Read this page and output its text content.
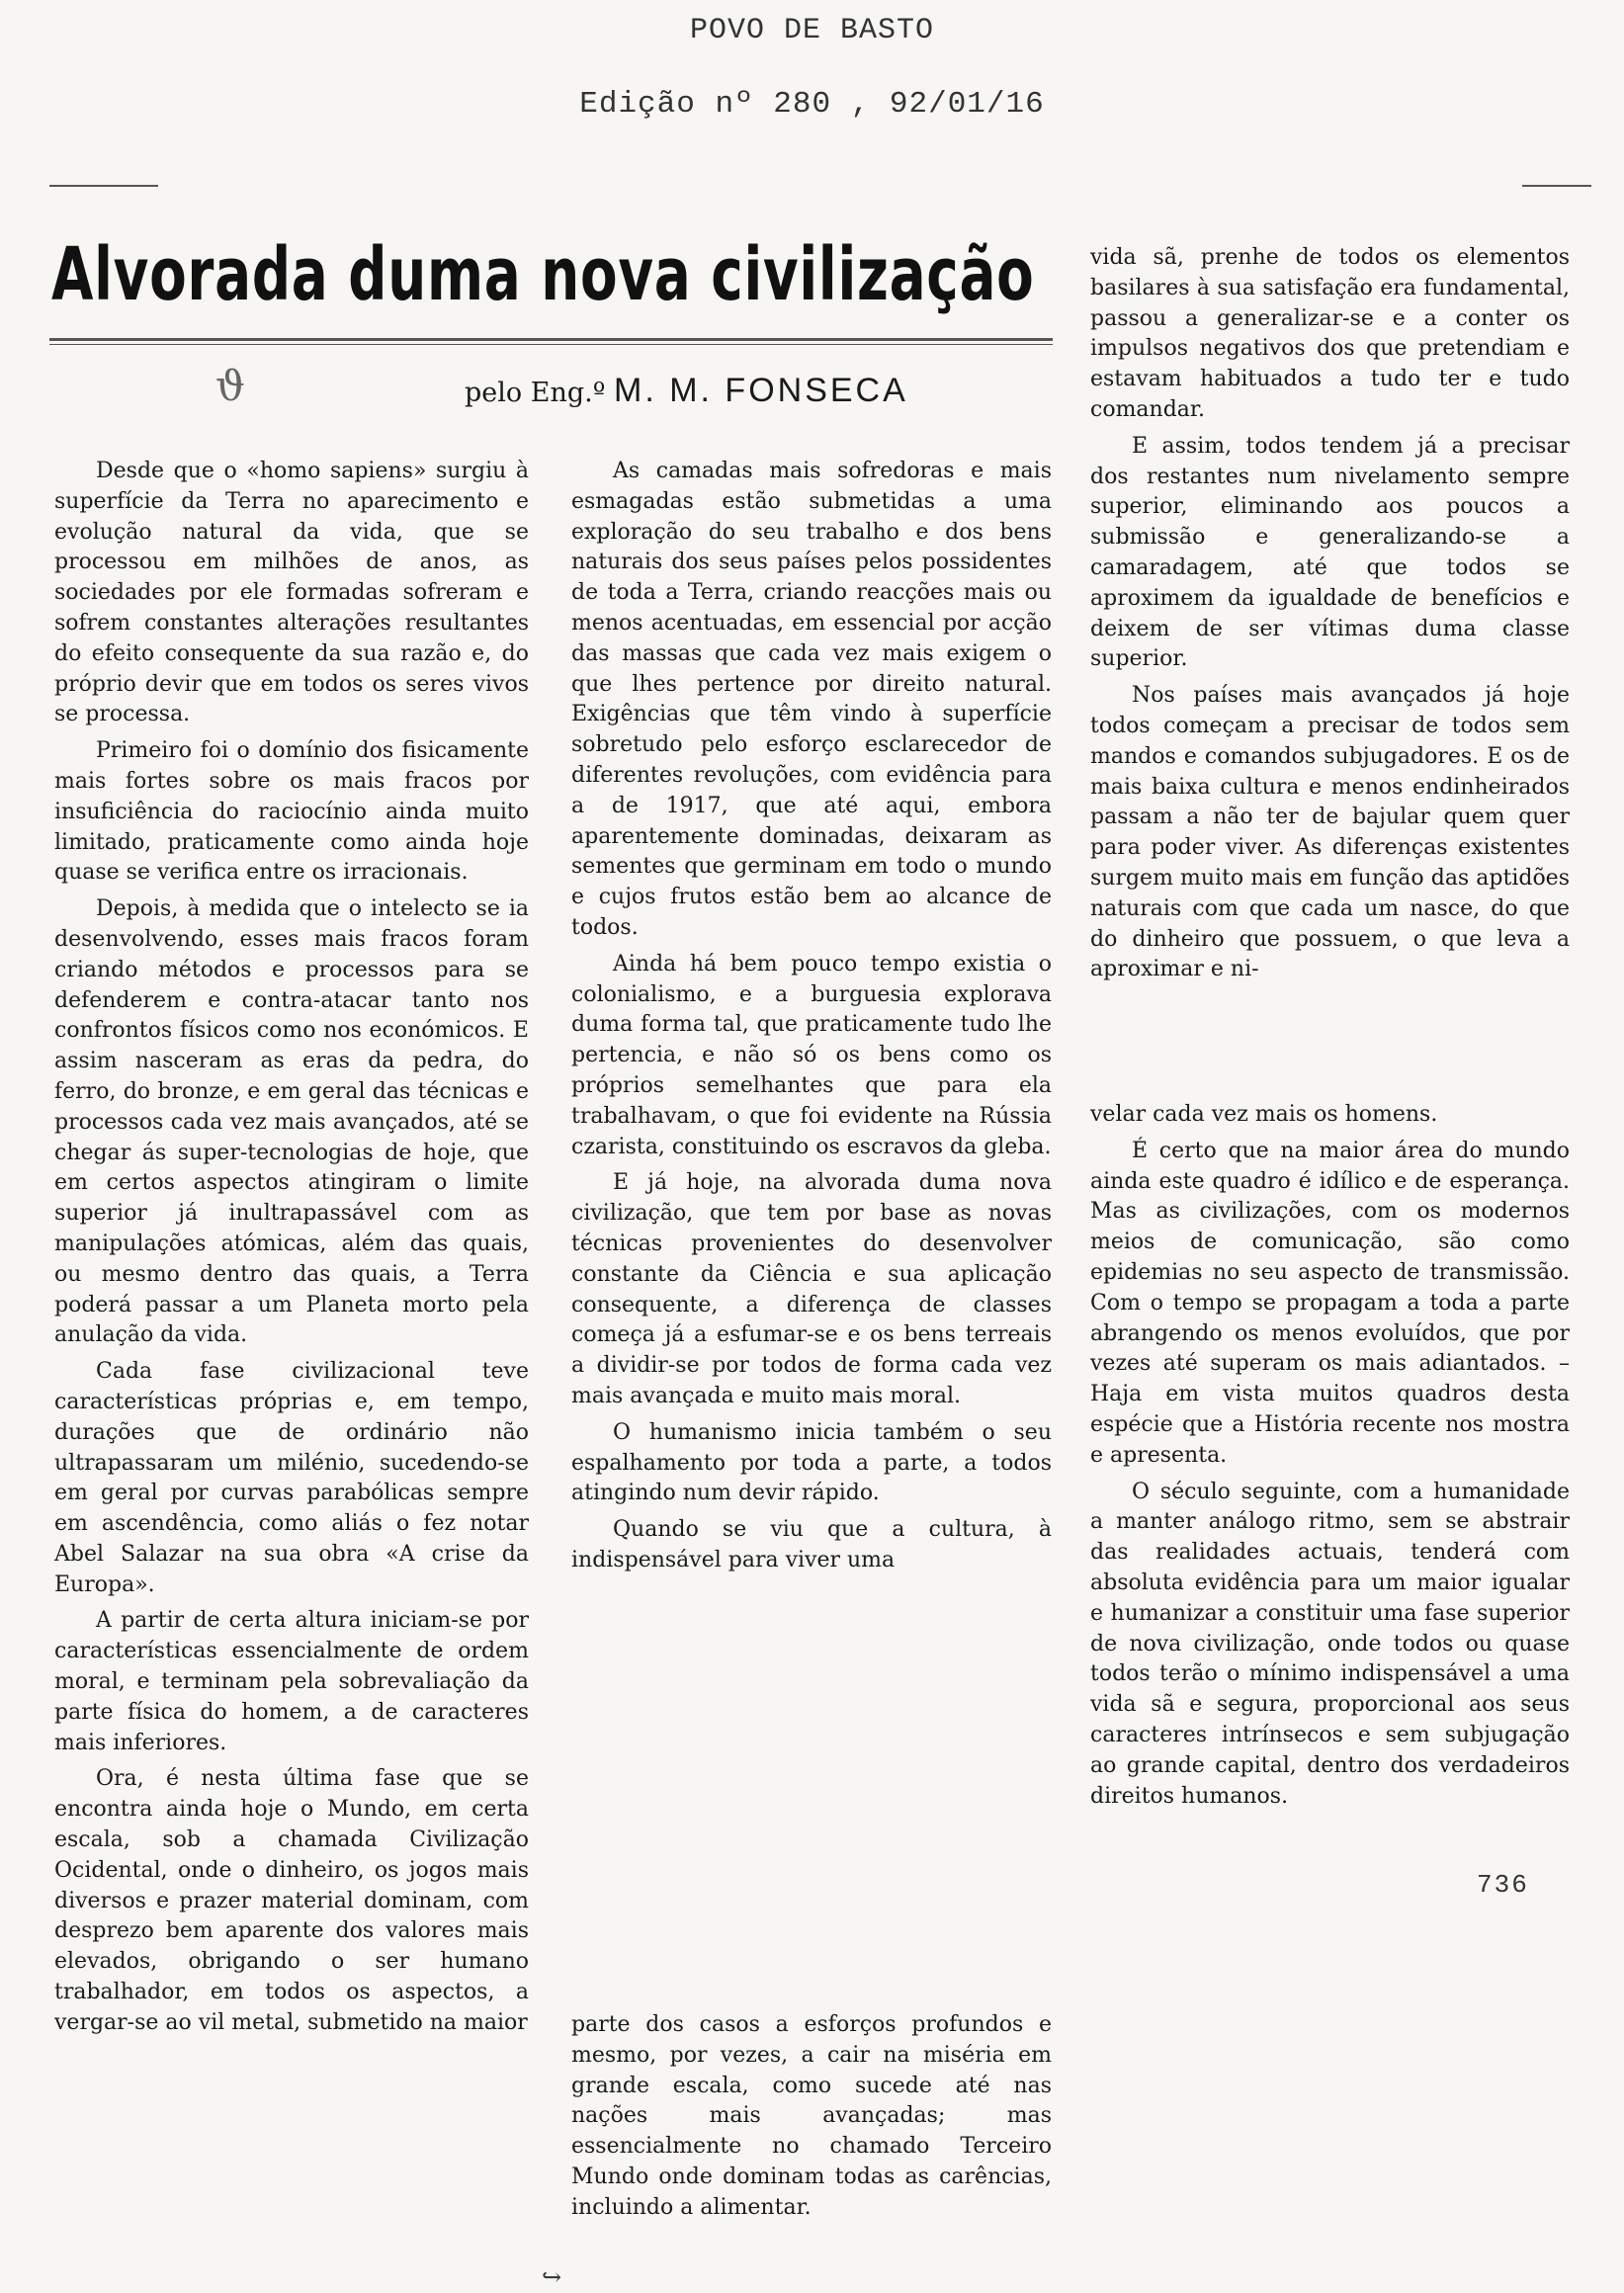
POVO DE BASTO
Edição nº 280 , 92/01/16
Alvorada duma nova civilização
ϑ	pelo Eng.º M. M. FONSECA

Desde que o «homo sapiens» surgiu à superfície da Terra no aparecimento e evolução natural da vida, que se processou em milhões de anos, as sociedades por ele formadas sofreram e sofrem constantes alterações resultantes do efeito consequente da sua razão e, do próprio devir que em todos os seres vivos se processa.

Primeiro foi o domínio dos fisicamente mais fortes sobre os mais fracos por insuficiência do raciocínio ainda muito limitado, praticamente como ainda hoje quase se verifica entre os irracionais.

Depois, à medida que o intelecto se ia desenvolvendo, esses mais fracos foram criando métodos e processos para se defenderem e contra-atacar tanto nos confrontos físicos como nos económicos. E assim nasceram as eras da pedra, do ferro, do bronze, e em geral das técnicas e processos cada vez mais avançados, até se chegar ás super-tecnologias de hoje, que em certos aspectos atingiram o limite superior já inultrapassável com as manipulações atómicas, além das quais, ou mesmo dentro das quais, a Terra poderá passar a um Planeta morto pela anulação da vida.

Cada fase civilizacional teve características próprias e, em tempo, durações que de ordinário não ultrapassaram um milénio, sucedendo-se em geral por curvas parabólicas sempre em ascendência, como aliás o fez notar Abel Salazar na sua obra «A crise da Europa».

A partir de certa altura iniciam-se por características essencialmente de ordem moral, e terminam pela sobrevaliação da parte física do homem, a de caracteres mais inferiores.

Ora, é nesta última fase que se encontra ainda hoje o Mundo, em certa escala, sob a chamada Civilização Ocidental, onde o dinheiro, os jogos mais diversos e prazer material dominam, com desprezo bem aparente dos valores mais elevados, obrigando o ser humano trabalhador, em todos os aspectos, a vergar-se ao vil metal, submetido na maior

As camadas mais sofredoras e mais esmagadas estão submetidas a uma exploração do seu trabalho e dos bens naturais dos seus países pelos possidentes de toda a Terra, criando reacções mais ou menos acentuadas, em essencial por acção das massas que cada vez mais exigem o que lhes pertence por direito natural. Exigências que têm vindo à superfície sobretudo pelo esforço esclarecedor de diferentes revoluções, com evidência para a de 1917, que até aqui, embora aparentemente dominadas, deixaram as sementes que germinam em todo o mundo e cujos frutos estão bem ao alcance de todos.

Ainda há bem pouco tempo existia o colonialismo, e a burguesia explorava duma forma tal, que praticamente tudo lhe pertencia, e não só os bens como os próprios semelhantes que para ela trabalhavam, o que foi evidente na Rússia czarista, constituindo os escravos da gleba.

E já hoje, na alvorada duma nova civilização, que tem por base as novas técnicas provenientes do desenvolver constante da Ciência e sua aplicação consequente, a diferença de classes começa já a esfumar-se e os bens terreais a dividir-se por todos de forma cada vez mais avançada e muito mais moral.

O humanismo inicia também o seu espalhamento por toda a parte, a todos atingindo num devir rápido.

Quando se viu que a cultura, à indispensável para viver uma

parte dos casos a esforços profundos e mesmo, por vezes, a cair na miséria em grande escala, como sucede até nas nações mais avançadas; mas essencialmente no chamado Terceiro Mundo onde dominam todas as carências, incluindo a alimentar.

vida sã, prenhe de todos os elementos basilares à sua satisfação era fundamental, passou a generalizar-se e a conter os impulsos negativos dos que pretendiam e estavam habituados a tudo ter e tudo comandar.

E assim, todos tendem já a precisar dos restantes num nivelamento sempre superior, eliminando aos poucos a submissão e generalizando-se a camaradagem, até que todos se aproximem da igualdade de benefícios e deixem de ser vítimas duma classe superior.

Nos países mais avançados já hoje todos começam a precisar de todos sem mandos e comandos subjugadores. E os de mais baixa cultura e menos endinheirados passam a não ter de bajular quem quer para poder viver. As diferenças existentes surgem muito mais em função das aptidões naturais com que cada um nasce, do que do dinheiro que possuem, o que leva a aproximar e ni-

velar cada vez mais os homens.

É certo que na maior área do mundo ainda este quadro é idílico e de esperança. Mas as civilizações, com os modernos meios de comunicação, são como epidemias no seu aspecto de transmissão. Com o tempo se propagam a toda a parte abrangendo os menos evoluídos, que por vezes até superam os mais adiantados. – Haja em vista muitos quadros desta espécie que a História recente nos mostra e apresenta.

O século seguinte, com a humanidade a manter análogo ritmo, sem se abstrair das realidades actuais, tenderá com absoluta evidência para um maior igualar e humanizar a constituir uma fase superior de nova civilização, onde todos ou quase todos terão o mínimo indispensável a uma vida sã e segura, proporcional aos seus caracteres intrínsecos e sem subjugação ao grande capital, dentro dos verdadeiros direitos humanos.

736
↪
